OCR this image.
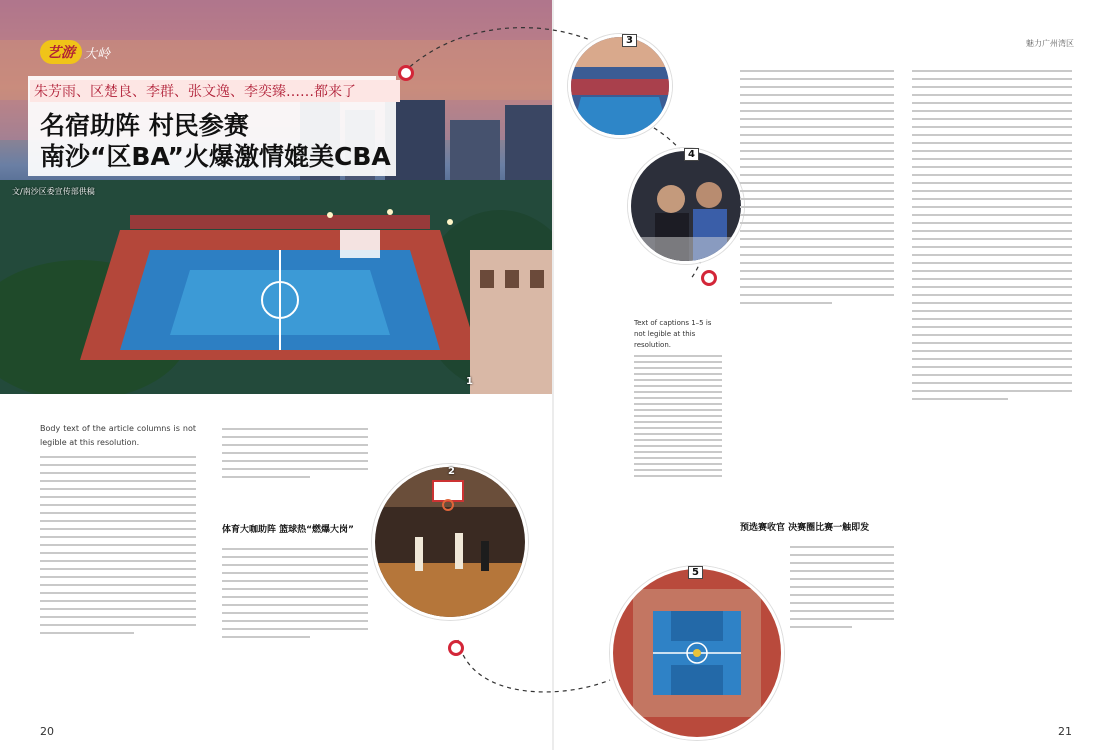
艺游 大岭
朱芳雨、区楚良、李群、张文逸、李奕臻……都来了
名宿助阵 村民参赛
南沙“区BA”火爆激情媲美CBA
文/南沙区委宣传部供稿
1
3
4
2
5
魅力广州湾区
Text of captions 1–5 is not legible at this resolution.
Body text of the article columns is not legible at this resolution.
体育大咖助阵 篮球热“燃爆大岗”	预选赛收官 决赛圈比赛一触即发
20	21
